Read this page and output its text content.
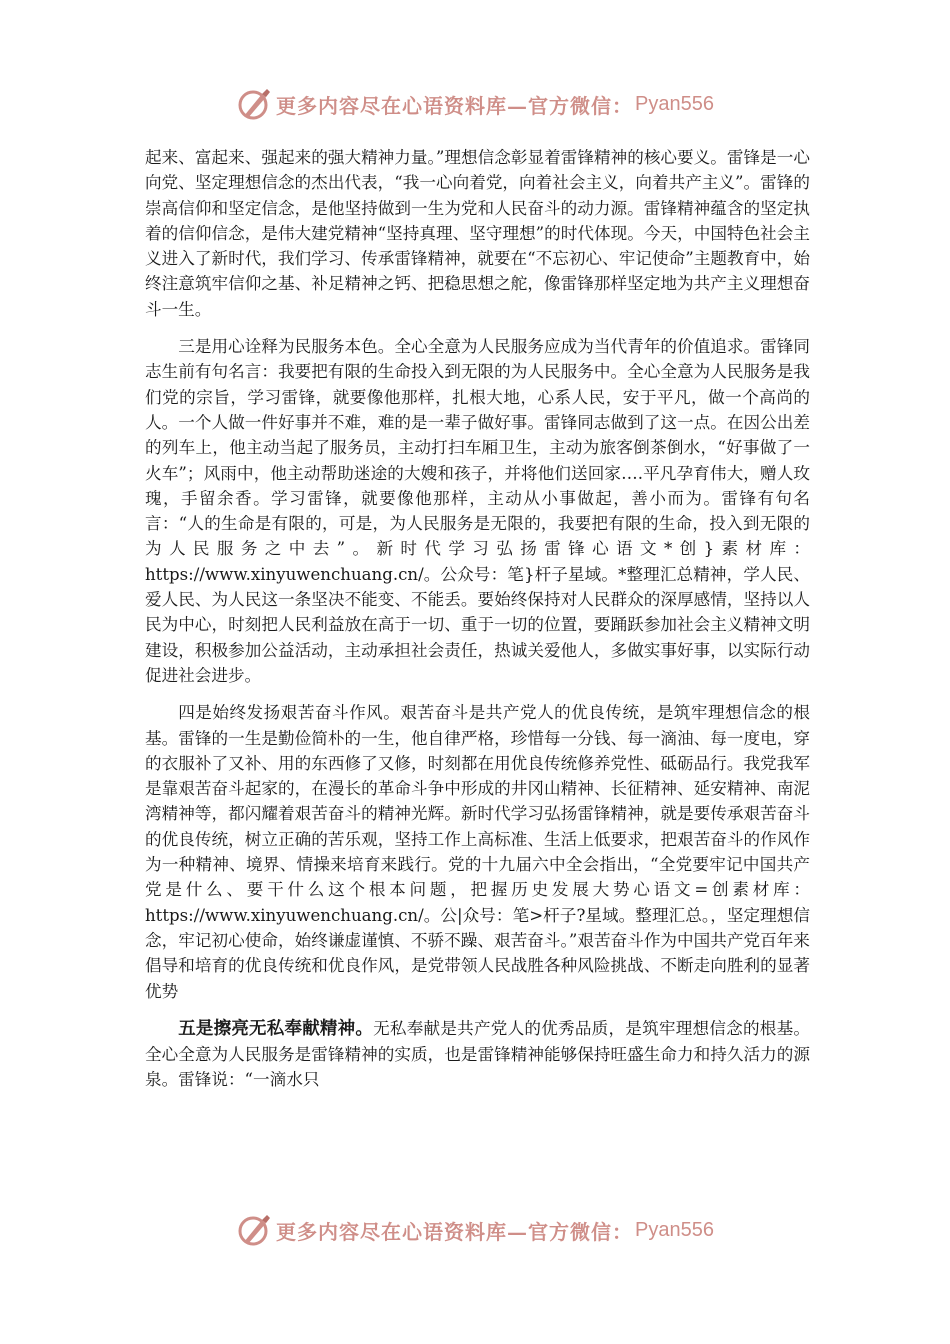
更多内容尽在心语资料库—官方微信： Pyan556

起来、富起来、强起来的强大精神力量。”理想信念彰显着雷锋精神的核心要义。雷锋是一心向党、坚定理想信念的杰出代表，“我一心向着党，向着社会主义，向着共产主义”。雷锋的崇高信仰和坚定信念，是他坚持做到一生为党和人民奋斗的动力源。雷锋精神蕴含的坚定执着的信仰信念，是伟大建党精神“坚持真理、坚守理想”的时代体现。今天，中国特色社会主义进入了新时代，我们学习、传承雷锋精神，就要在“不忘初心、牢记使命”主题教育中，始终注意筑牢信仰之基、补足精神之钙、把稳思想之舵，像雷锋那样坚定地为共产主义理想奋斗一生。

三是用心诠释为民服务本色。全心全意为人民服务应成为当代青年的价值追求。雷锋同志生前有句名言：我要把有限的生命投入到无限的为人民服务中。全心全意为人民服务是我们党的宗旨，学习雷锋，就要像他那样，扎根大地，心系人民，安于平凡，做一个高尚的人。一个人做一件好事并不难，难的是一辈子做好事。雷锋同志做到了这一点。在因公出差的列车上，他主动当起了服务员，主动打扫车厢卫生，主动为旅客倒茶倒水，“好事做了一火车”；风雨中，他主动帮助迷途的大嫂和孩子，并将他们送回家….平凡孕育伟大，赠人玫瑰，手留余香。学习雷锋，就要像他那样，主动从小事做起，善小而为。雷锋有句名言：“人的生命是有限的，可是，为人民服务是无限的，我要把有限的生命，投入到无限的为人民服务之中去”。新时代学习弘扬雷锋心语文*创}素材库：https://www.xinyuwenchuang.cn/。公众号：笔}杆子星域。*整理汇总精神，学人民、爱人民、为人民这一条坚决不能变、不能丢。要始终保持对人民群众的深厚感情，坚持以人民为中心，时刻把人民利益放在高于一切、重于一切的位置，要踊跃参加社会主义精神文明建设，积极参加公益活动，主动承担社会责任，热诚关爱他人，多做实事好事，以实际行动促进社会进步。

四是始终发扬艰苦奋斗作风。艰苦奋斗是共产党人的优良传统，是筑牢理想信念的根基。雷锋的一生是勤俭简朴的一生，他自律严格，珍惜每一分钱、每一滴油、每一度电，穿的衣服补了又补、用的东西修了又修，时刻都在用优良传统修养党性、砥砺品行。我党我军是靠艰苦奋斗起家的，在漫长的革命斗争中形成的井冈山精神、长征精神、延安精神、南泥湾精神等，都闪耀着艰苦奋斗的精神光辉。新时代学习弘扬雷锋精神，就是要传承艰苦奋斗的优良传统，树立正确的苦乐观，坚持工作上高标准、生活上低要求，把艰苦奋斗的作风作为一种精神、境界、情操来培育来践行。党的十九届六中全会指出，“全党要牢记中国共产党是什么、要干什么这个根本问题，把握历史发展大势心语文=创素材库：https://www.xinyuwenchuang.cn/。公|众号：笔>杆子?星域。整理汇总。，坚定理想信念，牢记初心使命，始终谦虚谨慎、不骄不躁、艰苦奋斗。”艰苦奋斗作为中国共产党百年来倡导和培育的优良传统和优良作风，是党带领人民战胜各种风险挑战、不断走向胜利的显著优势

五是擦亮无私奉献精神。无私奉献是共产党人的优秀品质，是筑牢理想信念的根基。全心全意为人民服务是雷锋精神的实质，也是雷锋精神能够保持旺盛生命力和持久活力的源泉。雷锋说：“一滴水只

更多内容尽在心语资料库—官方微信： Pyan556
